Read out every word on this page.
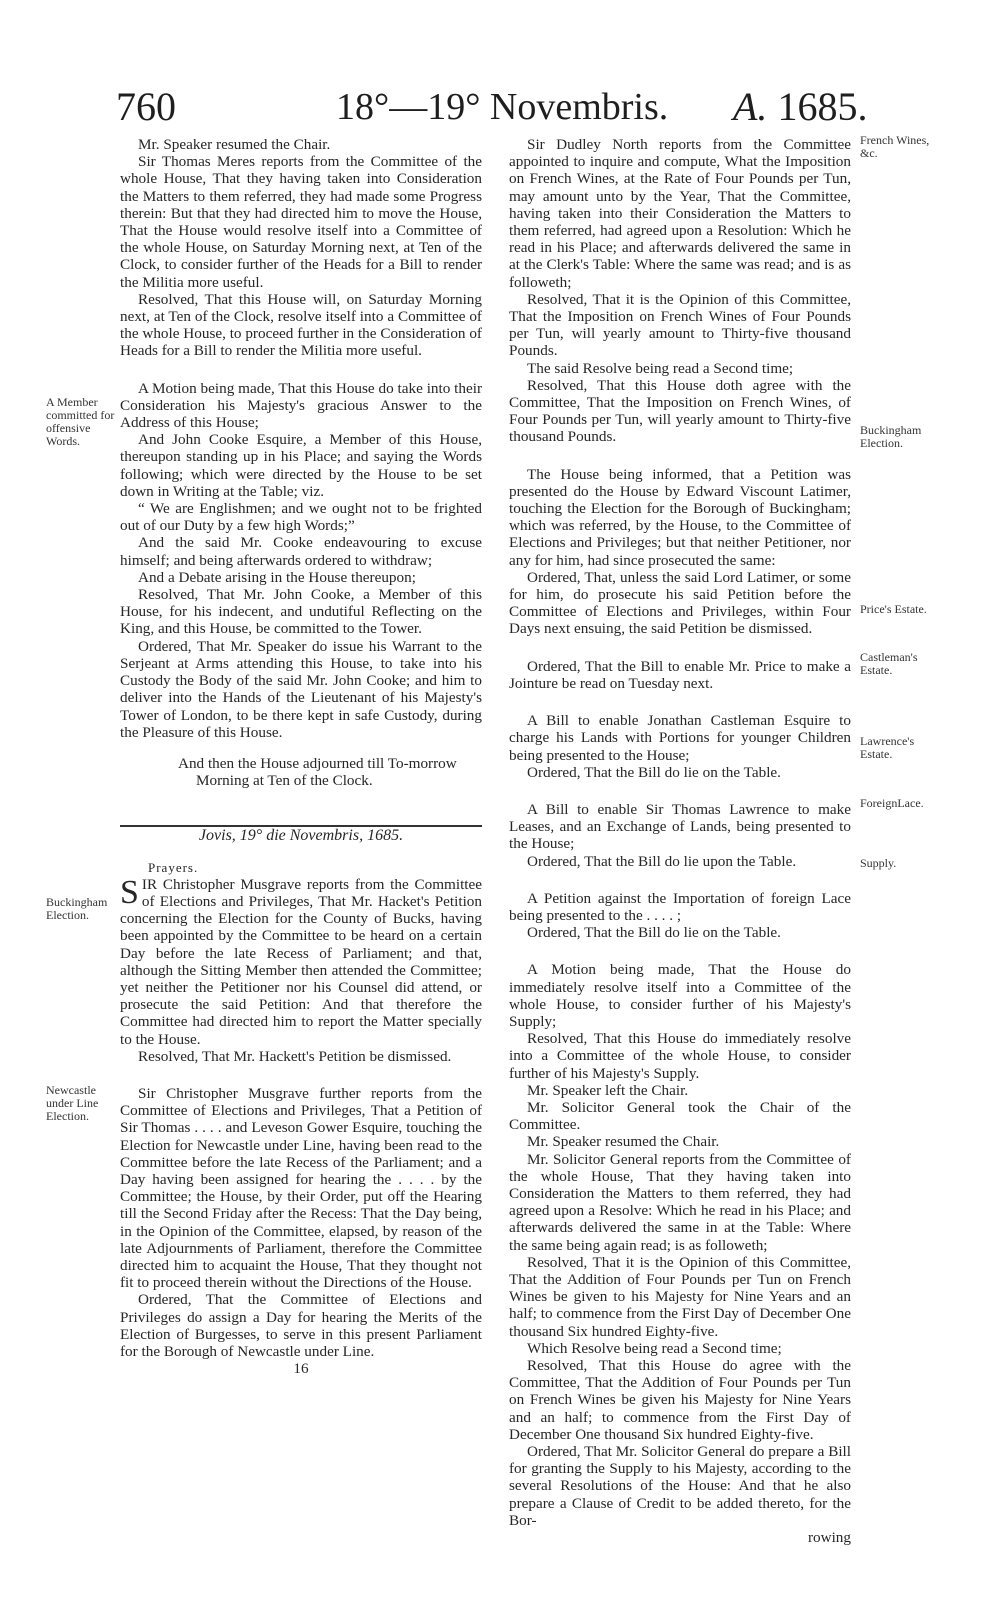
760	18°—19° Novembris. A. 1685.

Mr. Speaker resumed the Chair.

Sir Thomas Meres reports from the Committee of the whole House, That they having taken into Consideration the Matters to them referred, they had made some Progress therein: But that they had directed him to move the House, That the House would resolve itself into a Committee of the whole House, on Saturday Morning next, at Ten of the Clock, to consider further of the Heads for a Bill to render the Militia more useful.

Resolved, That this House will, on Saturday Morning next, at Ten of the Clock, resolve itself into a Committee of the whole House, to proceed further in the Consideration of Heads for a Bill to render the Militia more useful.

A Motion being made, That this House do take into their Consideration his Majesty's gracious Answer to the Address of this House;

And John Cooke Esquire, a Member of this House, thereupon standing up in his Place; and saying the Words following; which were directed by the House to be set down in Writing at the Table; viz.

“ We are Englishmen; and we ought not to be frighted out of our Duty by a few high Words;”

And the said Mr. Cooke endeavouring to excuse himself; and being afterwards ordered to withdraw;

And a Debate arising in the House thereupon;

Resolved, That Mr. John Cooke, a Member of this House, for his indecent, and undutiful Reflecting on the King, and this House, be committed to the Tower.

Ordered, That Mr. Speaker do issue his Warrant to the Serjeant at Arms attending this House, to take into his Custody the Body of the said Mr. John Cooke; and him to deliver into the Hands of the Lieutenant of his Majesty's Tower of London, to be there kept in safe Custody, during the Pleasure of this House.

And then the House adjourned till To-morrow
Morning at Ten of the Clock.

Jovis, 19° die Novembris, 1685.

Prayers.

SIR Christopher Musgrave reports from the Committee of Elections and Privileges, That Mr. Hacket's Petition concerning the Election for the County of Bucks, having been appointed by the Committee to be heard on a certain Day before the late Recess of Parliament; and that, although the Sitting Member then attended the Committee; yet neither the Petitioner nor his Counsel did attend, or prosecute the said Petition: And that therefore the Committee had directed him to report the Matter specially to the House.

Resolved, That Mr. Hackett's Petition be dismissed.

Sir Christopher Musgrave further reports from the Committee of Elections and Privileges, That a Petition of Sir Thomas . . . . and Leveson Gower Esquire, touching the Election for Newcastle under Line, having been read to the Committee before the late Recess of the Parliament; and a Day having been assigned for hearing the . . . . by the Committee; the House, by their Order, put off the Hearing till the Second Friday after the Recess: That the Day being, in the Opinion of the Committee, elapsed, by reason of the late Adjournments of Parliament, therefore the Committee directed him to acquaint the House, That they thought not fit to proceed therein without the Directions of the House.

Ordered, That the Committee of Elections and Privileges do assign a Day for hearing the Merits of the Election of Burgesses, to serve in this present Parliament for the Borough of Newcastle under Line.

16

Sir Dudley North reports from the Committee appointed to inquire and compute, What the Imposition on French Wines, at the Rate of Four Pounds per Tun, may amount unto by the Year, That the Committee, having taken into their Consideration the Matters to them referred, had agreed upon a Resolution: Which he read in his Place; and afterwards delivered the same in at the Clerk's Table: Where the same was read; and is as followeth;

Resolved, That it is the Opinion of this Committee, That the Imposition on French Wines of Four Pounds per Tun, will yearly amount to Thirty-five thousand Pounds.

The said Resolve being read a Second time;

Resolved, That this House doth agree with the Committee, That the Imposition on French Wines, of Four Pounds per Tun, will yearly amount to Thirty-five thousand Pounds.

The House being informed, that a Petition was presented do the House by Edward Viscount Latimer, touching the Election for the Borough of Buckingham; which was referred, by the House, to the Committee of Elections and Privileges; but that neither Petitioner, nor any for him, had since prosecuted the same:

Ordered, That, unless the said Lord Latimer, or some for him, do prosecute his said Petition before the Committee of Elections and Privileges, within Four Days next ensuing, the said Petition be dismissed.

Ordered, That the Bill to enable Mr. Price to make a Jointure be read on Tuesday next.

A Bill to enable Jonathan Castleman Esquire to charge his Lands with Portions for younger Children being presented to the House;

Ordered, That the Bill do lie on the Table.

A Bill to enable Sir Thomas Lawrence to make Leases, and an Exchange of Lands, being presented to the House;

Ordered, That the Bill do lie upon the Table.

A Petition against the Importation of foreign Lace being presented to the . . . . ;

Ordered, That the Bill do lie on the Table.

A Motion being made, That the House do immediately resolve itself into a Committee of the whole House, to consider further of his Majesty's Supply;

Resolved, That this House do immediately resolve into a Committee of the whole House, to consider further of his Majesty's Supply.

Mr. Speaker left the Chair.

Mr. Solicitor General took the Chair of the Committee.

Mr. Speaker resumed the Chair.

Mr. Solicitor General reports from the Committee of the whole House, That they having taken into Consideration the Matters to them referred, they had agreed upon a Resolve: Which he read in his Place; and afterwards delivered the same in at the Table: Where the same being again read; is as followeth;

Resolved, That it is the Opinion of this Committee, That the Addition of Four Pounds per Tun on French Wines be given to his Majesty for Nine Years and an half; to commence from the First Day of December One thousand Six hundred Eighty-five.

Which Resolve being read a Second time;

Resolved, That this House do agree with the Committee, That the Addition of Four Pounds per Tun on French Wines be given his Majesty for Nine Years and an half; to commence from the First Day of December One thousand Six hundred Eighty-five.

Ordered, That Mr. Solicitor General do prepare a Bill for granting the Supply to his Majesty, according to the several Resolutions of the House: And that he also prepare a Clause of Credit to be added thereto, for the Bor-

rowing

A Member committed for offensive Words.
Buckingham Election.
Newcastle under Line Election.
French Wines, &c.
Buckingham Election.
Price's Estate.
Castleman's Estate.
Lawrence's Estate.
ForeignLace.
Supply.
